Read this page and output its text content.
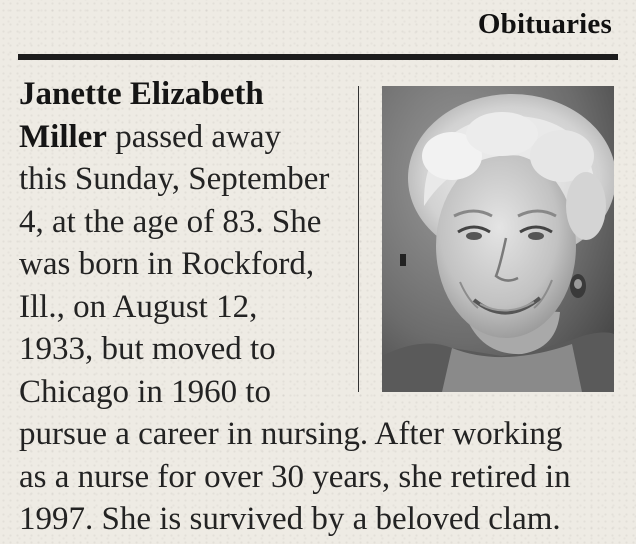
Obituaries
Janette Elizabeth
Miller passed away
this Sunday, September
4, at the age of 83. She
was born in Rockford,
Ill., on August 12,
1933, but moved to
Chicago in 1960 to
pursue a career in nursing. After working
as a nurse for over 30 years, she retired in
1997. She is survived by a beloved clam.
